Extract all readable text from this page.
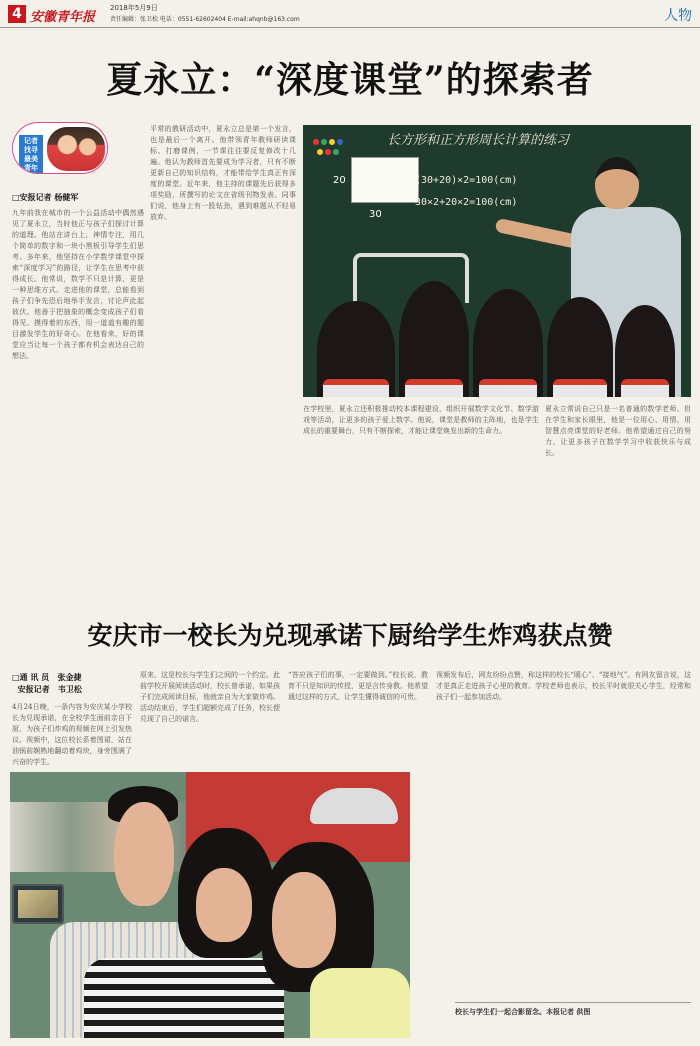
4 安徽青年报
2018年5月9日
责任编辑：张卫松 电话：0551-62602404 E-mail:ahqnb@163.com	人物
夏永立：“深度课堂”的探索者
记者找寻最美青年
□安报记者 杨健军
九年前我在城市的一个公益活动中偶然遇见了夏永立，当时他正与孩子们探讨计算的道理。他站在讲台上，神情专注，用几个简单的数字和一块小黑板引导学生们思考。多年来，他坚持在小学数学课堂中探索“深度学习”的路径，让学生在思考中获得成长。他常说，数学不只是计算，更是一种思维方式。走进他的课堂，总能看到孩子们争先恐后地举手发言，讨论声此起彼伏。他善于把抽象的概念变成孩子们看得见、摸得着的东西，用一道道有趣的题目激发学生的好奇心。在他看来，好的课堂应当让每一个孩子都有机会表达自己的想法。
平常的教研活动中，夏永立总是第一个发言，也是最后一个离开。他带领青年教师研读课标、打磨课例，一节课往往要反复修改十几遍。他认为教师首先要成为学习者，只有不断更新自己的知识结构，才能带给学生真正有深度的课堂。近年来，他主持的课题先后获得多项奖励，所撰写的论文在省级刊物发表。同事们说，他身上有一股钻劲，遇到难题从不轻易放弃。
在学校里，夏永立还积极推动校本课程建设，组织开展数学文化节、数学游戏等活动，让更多的孩子爱上数学。他说，课堂是教师的主阵地，也是学生成长的重要舞台，只有不断探索，才能让课堂焕发出新的生命力。
夏永立常说自己只是一名普通的数学老师。但在学生和家长眼里，他是一位用心、用情、用智慧点亮课堂的好老师。他希望通过自己的努力，让更多孩子在数学学习中收获快乐与成长。
长方形和正方形周长计算的练习
20
30
(30+20)×2=100(cm)
30×2+20×2=100(cm)
安庆市一校长为兑现承诺下厨给学生炸鸡获点赞
□通 讯 员   张金捷
安报记者   韦卫松
4月24日晚，一条内容为安庆某小学校长为兑现承诺，在全校学生面前亲自下厨，为孩子们炸鸡的视频在网上引发热议。视频中，这位校长系着围裙，站在油锅前娴熟地翻动着鸡块，身旁围满了兴奋的学生。
原来，这是校长与学生们之间的一个约定。此前学校开展阅读活动时，校长曾承诺，如果孩子们完成阅读目标，他就亲自为大家做炸鸡。活动结束后，学生们超额完成了任务，校长便兑现了自己的诺言。
“答应孩子们的事，一定要做到。”校长说，教育不只是知识的传授，更是言传身教。他希望通过这样的方式，让学生懂得诚信的可贵。
视频发布后，网友纷纷点赞，称这样的校长“暖心”、“接地气”。有网友留言说，这才是真正走进孩子心里的教育。学校老师也表示，校长平时就很关心学生，经常和孩子们一起参加活动。
校长与学生们一起合影留念。本报记者 供图
